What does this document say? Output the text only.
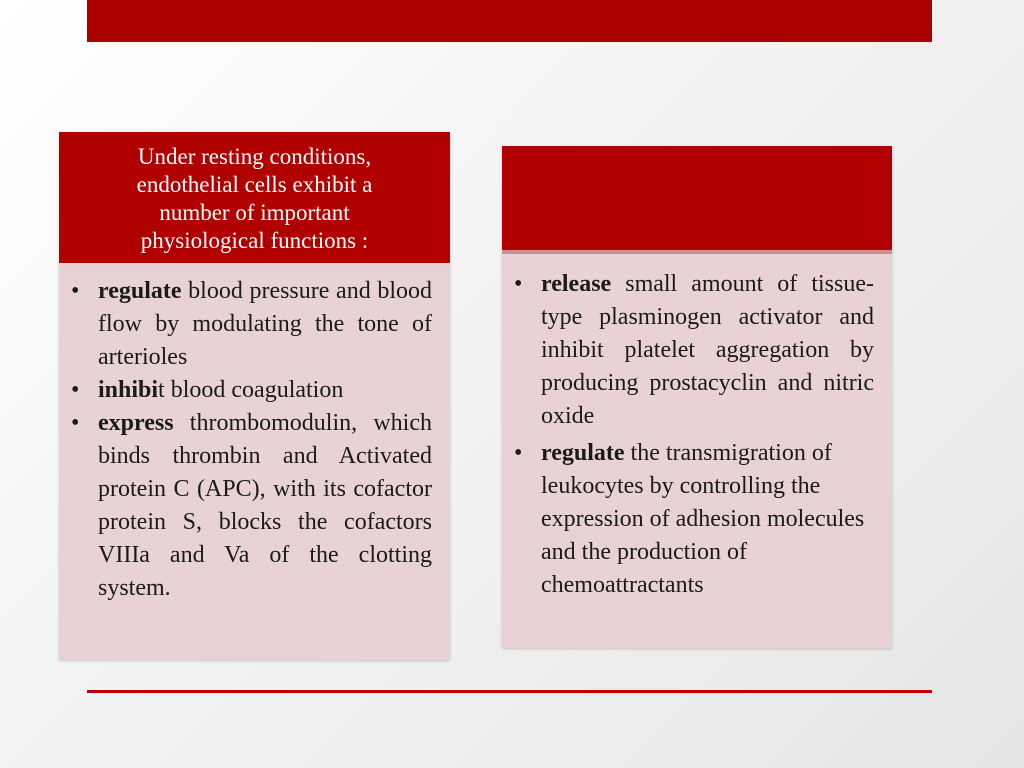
Under resting conditions, endothelial cells exhibit a number of important physiological functions :
• regulate blood pressure and blood flow by modulating the tone of arterioles
• inhibit blood coagulation
• express thrombomodulin, which binds thrombin and Activated protein C (APC), with its cofactor protein S, blocks the cofactors VIIIa and Va of the clotting system.
• release small amount of tissue-type plasminogen activator and inhibit platelet aggregation by producing prostacyclin and nitric oxide
• regulate the transmigration of leukocytes by controlling the expression of adhesion molecules and the production of chemoattractants
